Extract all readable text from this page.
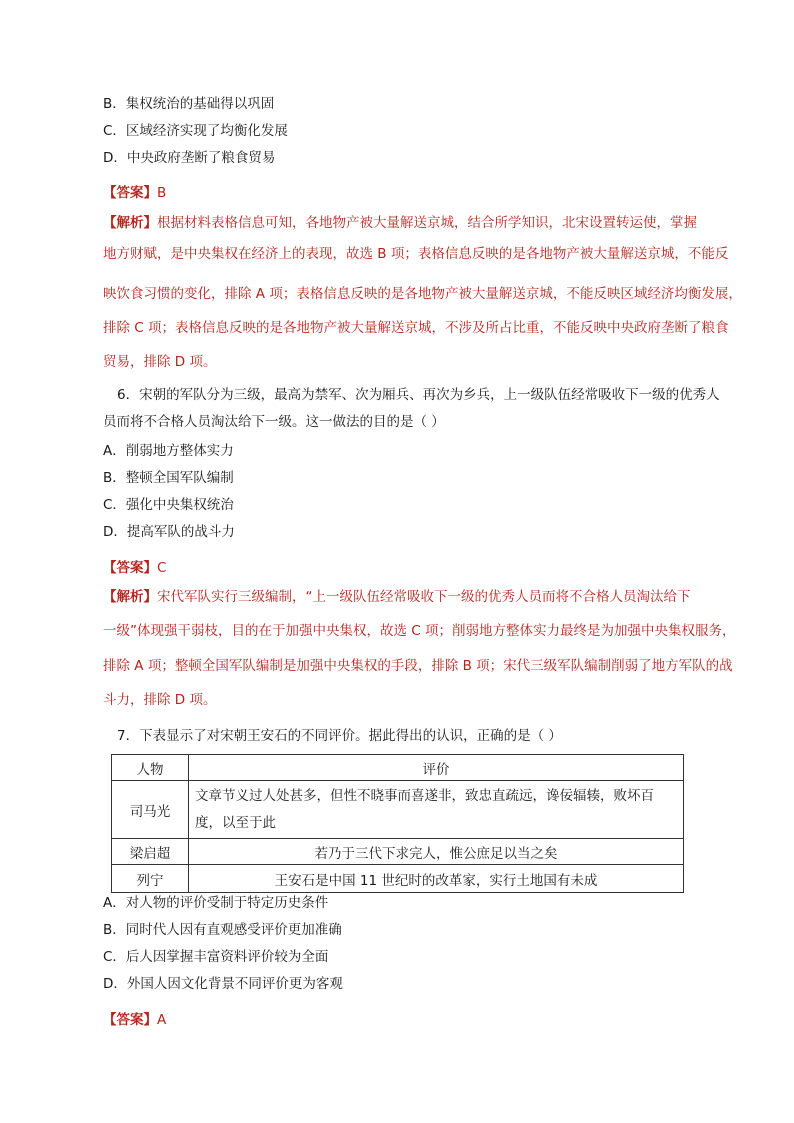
B．集权统治的基础得以巩固
C．区域经济实现了均衡化发展
D．中央政府垄断了粮食贸易
【答案】B
【解析】根据材料表格信息可知，各地物产被大量解送京城，结合所学知识，北宋设置转运使，掌握
地方财赋，是中央集权在经济上的表现，故选 B 项；表格信息反映的是各地物产被大量解送京城，不能反
映饮食习惯的变化，排除 A 项；表格信息反映的是各地物产被大量解送京城，不能反映区域经济均衡发展，
排除 C 项；表格信息反映的是各地物产被大量解送京城，不涉及所占比重，不能反映中央政府垄断了粮食
贸易，排除 D 项。
6．宋朝的军队分为三级，最高为禁军、次为厢兵、再次为乡兵，上一级队伍经常吸收下一级的优秀人
员而将不合格人员淘汰给下一级。这一做法的目的是（ ）
A．削弱地方整体实力
B．整顿全国军队编制
C．强化中央集权统治
D．提高军队的战斗力
【答案】C
【解析】宋代军队实行三级编制，“上一级队伍经常吸收下一级的优秀人员而将不合格人员淘汰给下
一级”体现强干弱枝，目的在于加强中央集权，故选 C 项；削弱地方整体实力最终是为加强中央集权服务，
排除 A 项；整顿全国军队编制是加强中央集权的手段，排除 B 项；宋代三级军队编制削弱了地方军队的战
斗力，排除 D 项。
7．下表显示了对宋朝王安石的不同评价。据此得出的认识，正确的是（ ）
人物	评价
司马光	文章节义过人处甚多，但性不晓事而喜遂非，致忠直疏远，谗佞辐辏，败坏百
度，以至于此

梁启超	若乃于三代下求完人，惟公庶足以当之矣
列宁	王安石是中国 11 世纪时的改革家，实行土地国有未成
A．对人物的评价受制于特定历史条件
B．同时代人因有直观感受评价更加准确
C．后人因掌握丰富资料评价较为全面
D．外国人因文化背景不同评价更为客观
【答案】A
